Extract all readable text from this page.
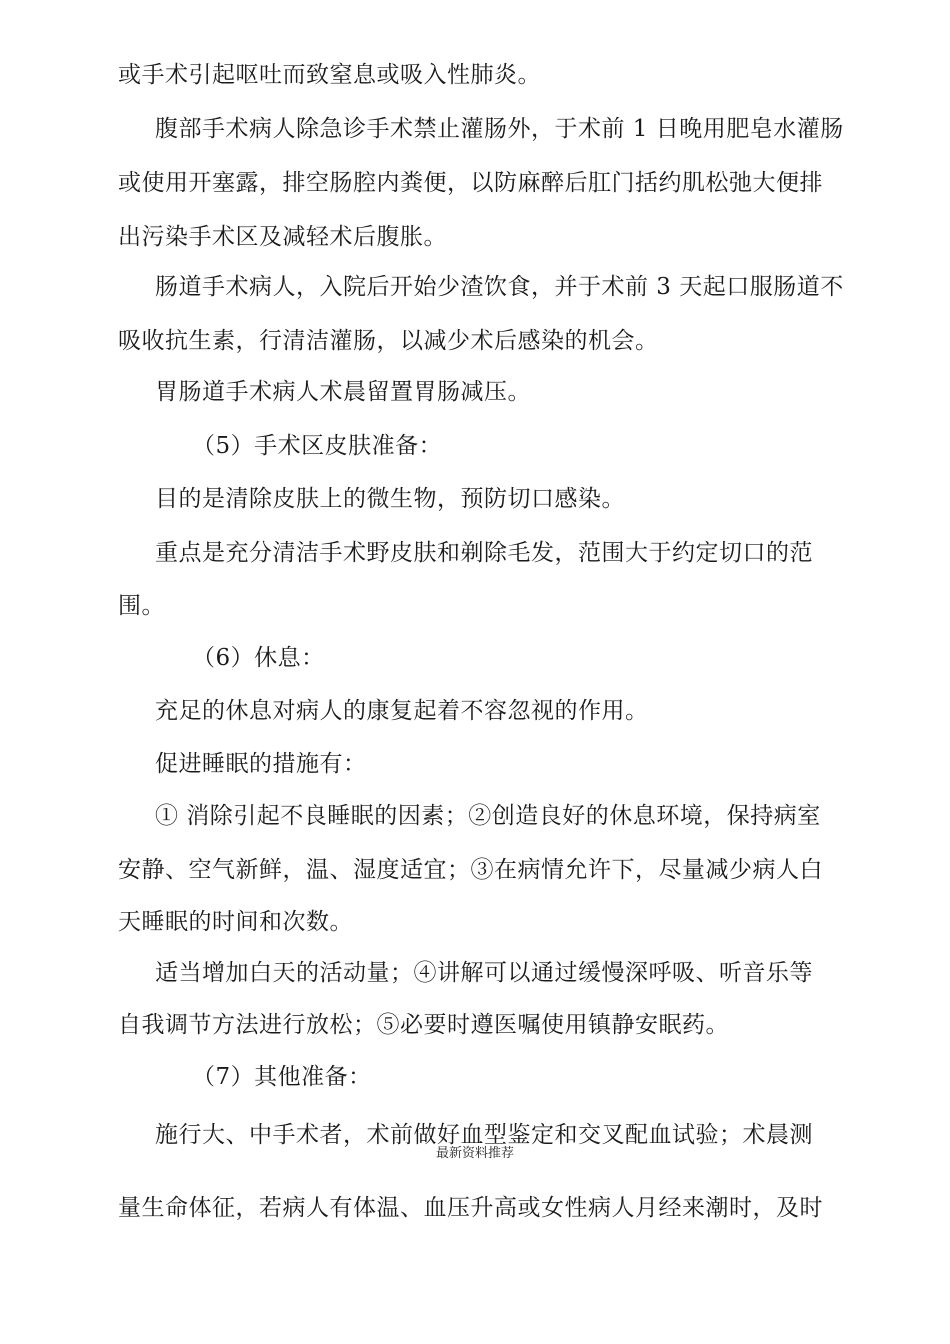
或手术引起呕吐而致窒息或吸入性肺炎。
腹部手术病人除急诊手术禁止灌肠外，于术前 1 日晚用肥皂水灌肠
或使用开塞露，排空肠腔内粪便，以防麻醉后肛门括约肌松弛大便排
出污染手术区及减轻术后腹胀。
肠道手术病人，入院后开始少渣饮食，并于术前 3 天起口服肠道不
吸收抗生素，行清洁灌肠，以减少术后感染的机会。
胃肠道手术病人术晨留置胃肠减压。
（5）手术区皮肤准备：
目的是清除皮肤上的微生物，预防切口感染。
重点是充分清洁手术野皮肤和剃除毛发，范围大于约定切口的范
围。
（6）休息：
充足的休息对病人的康复起着不容忽视的作用。
促进睡眠的措施有：
① 消除引起不良睡眠的因素；②创造良好的休息环境，保持病室
安静、空气新鲜，温、湿度适宜；③在病情允许下，尽量减少病人白
天睡眠的时间和次数。
适当增加白天的活动量；④讲解可以通过缓慢深呼吸、听音乐等
自我调节方法进行放松；⑤必要时遵医嘱使用镇静安眠药。
（7）其他准备：
施行大、中手术者，术前做好血型鉴定和交叉配血试验；术晨测
最新资料推荐
量生命体征，若病人有体温、血压升高或女性病人月经来潮时，及时
